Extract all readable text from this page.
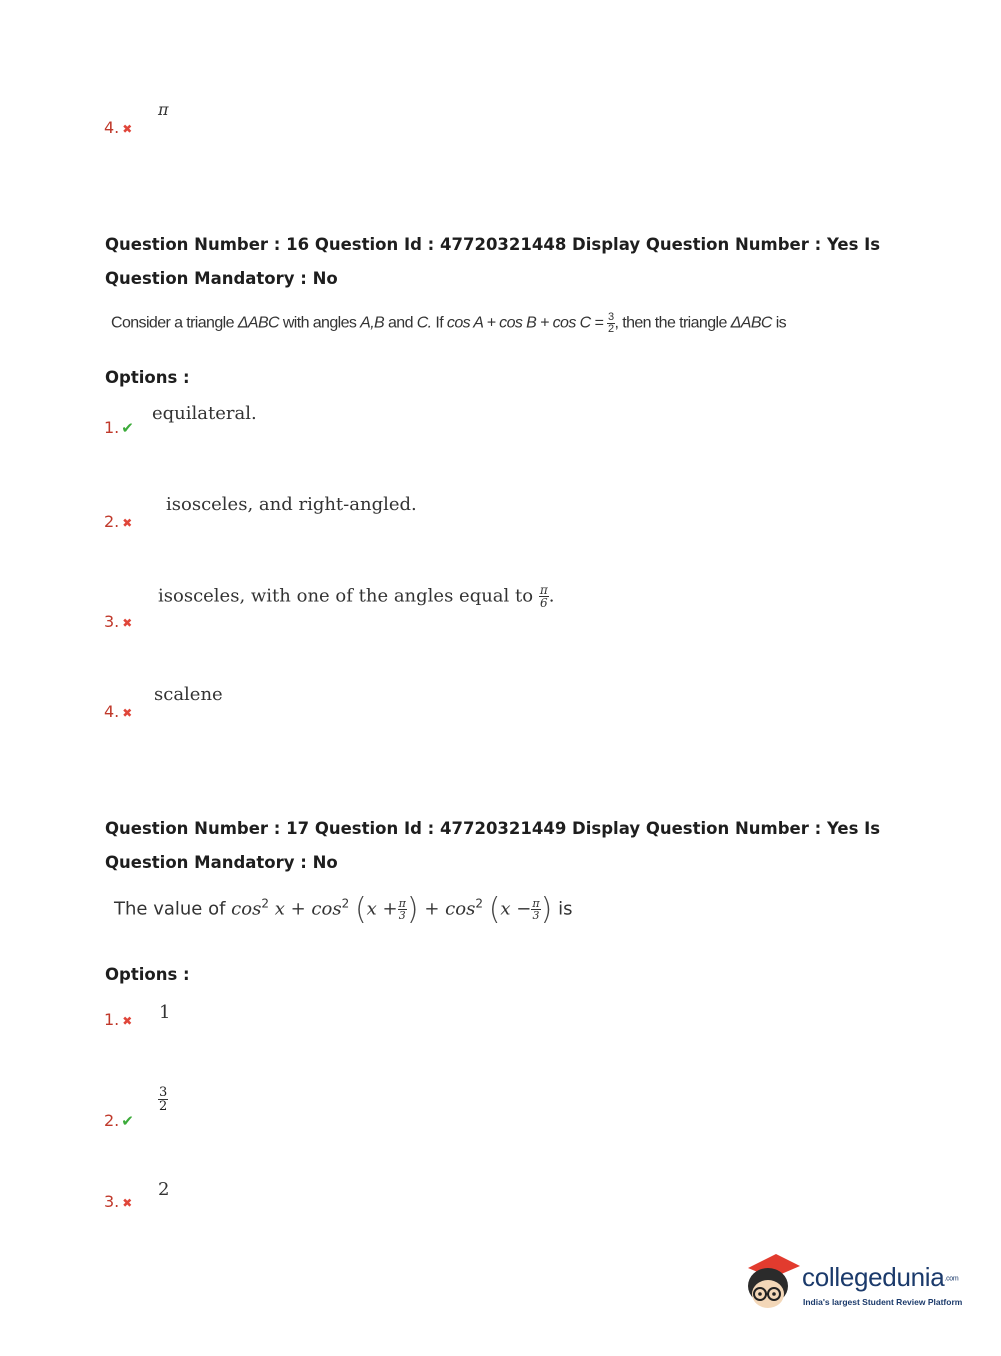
4. ✖
π
Question Number : 16 Question Id : 47720321448 Display Question Number : Yes Is Question Mandatory : No
Consider a triangle ΔABC with angles A,B and C. If $\cos A + \cos B + \cos C = \frac{3}{2}$ , then the triangle ΔABC is
Options :
1. ✔
equilateral.
2. ✖
isosceles, and right-angled.
3. ✖
isosceles, with one of the angles equal to $\frac{\pi}{6}$ .
4. ✖
scalene
Question Number : 17 Question Id : 47720321449 Display Question Number : Yes Is Question Mandatory : No
The value of $\cos^2 x + \cos^2 (x + \frac{\pi}{3}$ ) + $\cos^2 (x - \frac{\pi}{3}$ ) is
Options :
1. ✖ 1
2. ✔
$\frac{3}{2}$
3. ✖
2
collegedunia.com
India's largest Student Review Platform
